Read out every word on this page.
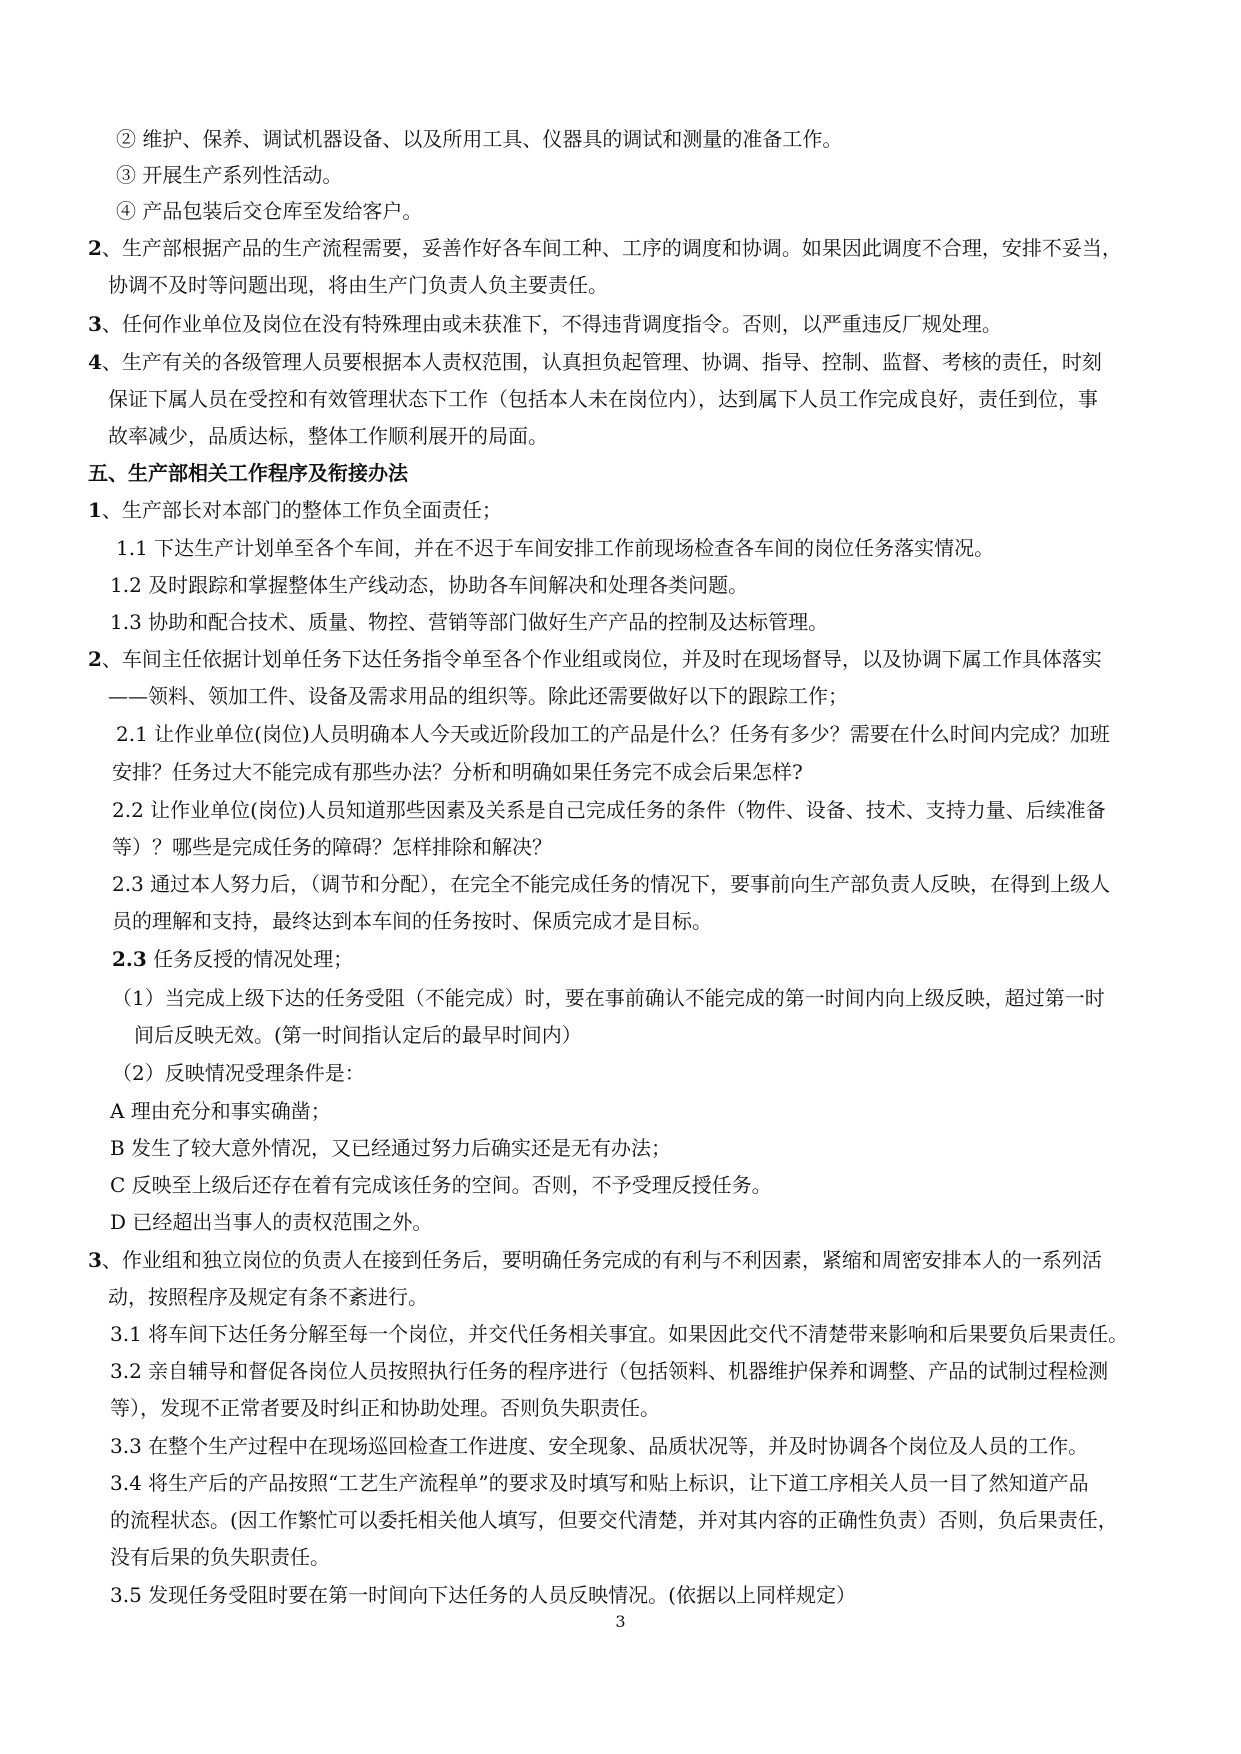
② 维护、保养、调试机器设备、以及所用工具、仪器具的调试和测量的准备工作。
③ 开展生产系列性活动。
④ 产品包装后交仓库至发给客户。
2、生产部根据产品的生产流程需要，妥善作好各车间工种、工序的调度和协调。如果因此调度不合理，安排不妥当，
协调不及时等问题出现，将由生产门负责人负主要责任。
3、任何作业单位及岗位在没有特殊理由或未获准下，不得违背调度指令。否则，以严重违反厂规处理。
4、生产有关的各级管理人员要根据本人责权范围，认真担负起管理、协调、指导、控制、监督、考核的责任，时刻
保证下属人员在受控和有效管理状态下工作（包括本人未在岗位内），达到属下人员工作完成良好，责任到位，事
故率减少，品质达标，整体工作顺利展开的局面。
五、生产部相关工作程序及衔接办法
1、生产部长对本部门的整体工作负全面责任；
1.1 下达生产计划单至各个车间，并在不迟于车间安排工作前现场检查各车间的岗位任务落实情况。
1.2 及时跟踪和掌握整体生产线动态，协助各车间解决和处理各类问题。
1.3 协助和配合技术、质量、物控、营销等部门做好生产产品的控制及达标管理。
2、车间主任依据计划单任务下达任务指令单至各个作业组或岗位，并及时在现场督导，以及协调下属工作具体落实
——领料、领加工件、设备及需求用品的组织等。除此还需要做好以下的跟踪工作；
2.1 让作业单位(岗位)人员明确本人今天或近阶段加工的产品是什么？任务有多少？需要在什么时间内完成？加班
安排？任务过大不能完成有那些办法？分析和明确如果任务完不成会后果怎样?
2.2 让作业单位(岗位)人员知道那些因素及关系是自己完成任务的条件（物件、设备、技术、支持力量、后续准备
等）？哪些是完成任务的障碍？怎样排除和解决？
2.3 通过本人努力后，（调节和分配），在完全不能完成任务的情况下，要事前向生产部负责人反映，在得到上级人
员的理解和支持，最终达到本车间的任务按时、保质完成才是目标。
2.3 任务反授的情况处理；
（1）当完成上级下达的任务受阻（不能完成）时，要在事前确认不能完成的第一时间内向上级反映，超过第一时
间后反映无效。(第一时间指认定后的最早时间内）
（2）反映情况受理条件是：
A 理由充分和事实确凿；
B 发生了较大意外情况，又已经通过努力后确实还是无有办法；
C 反映至上级后还存在着有完成该任务的空间。否则，不予受理反授任务。
D 已经超出当事人的责权范围之外。
3、作业组和独立岗位的负责人在接到任务后，要明确任务完成的有利与不利因素，紧缩和周密安排本人的一系列活
动，按照程序及规定有条不紊进行。
3.1 将车间下达任务分解至每一个岗位，并交代任务相关事宜。如果因此交代不清楚带来影响和后果要负后果责任。
3.2 亲自辅导和督促各岗位人员按照执行任务的程序进行（包括领料、机器维护保养和调整、产品的试制过程检测
等），发现不正常者要及时纠正和协助处理。否则负失职责任。
3.3 在整个生产过程中在现场巡回检查工作进度、安全现象、品质状况等，并及时协调各个岗位及人员的工作。
3.4 将生产后的产品按照“工艺生产流程单”的要求及时填写和贴上标识，让下道工序相关人员一目了然知道产品
的流程状态。(因工作繁忙可以委托相关他人填写，但要交代清楚，并对其内容的正确性负责）否则，负后果责任，
没有后果的负失职责任。
3.5 发现任务受阻时要在第一时间向下达任务的人员反映情况。(依据以上同样规定）
3
